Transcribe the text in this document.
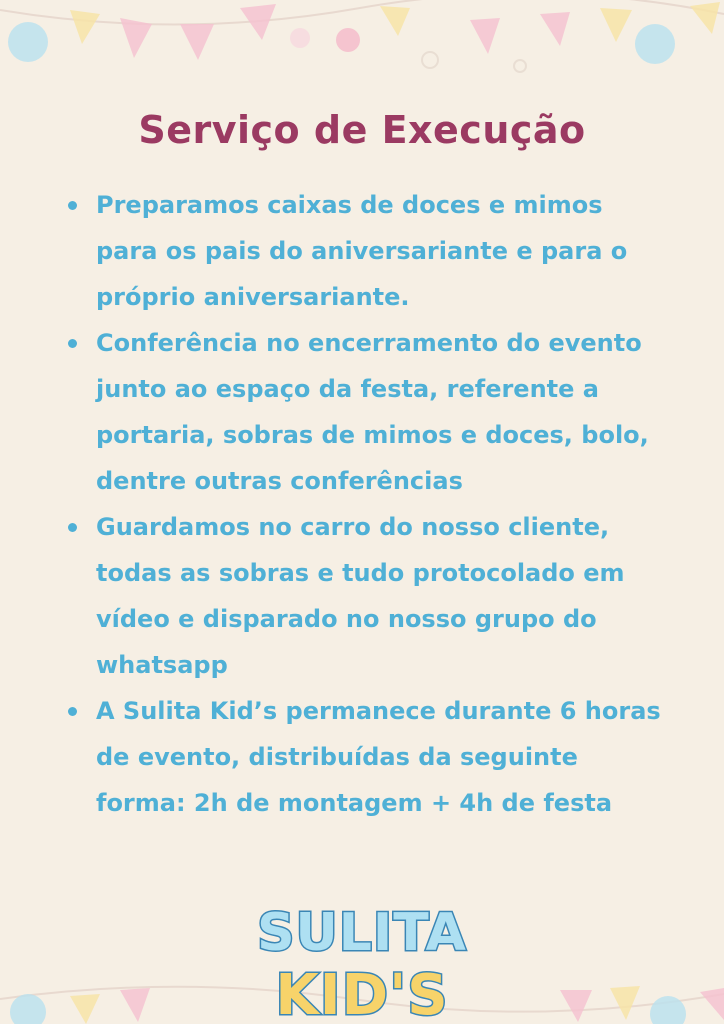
Serviço de Execução
Preparamos caixas de doces e mimos para os pais do aniversariante e para o próprio aniversariante.
Conferência no encerramento do evento junto ao espaço da festa, referente a portaria, sobras de mimos e doces, bolo, dentre outras conferências
Guardamos no carro do nosso cliente, todas as sobras e tudo protocolado em vídeo e disparado no nosso grupo do whatsapp
A Sulita Kid’s permanece durante 6 horas de evento, distribuídas da seguinte forma: 2h de montagem + 4h de festa
SULITA
KID'S
